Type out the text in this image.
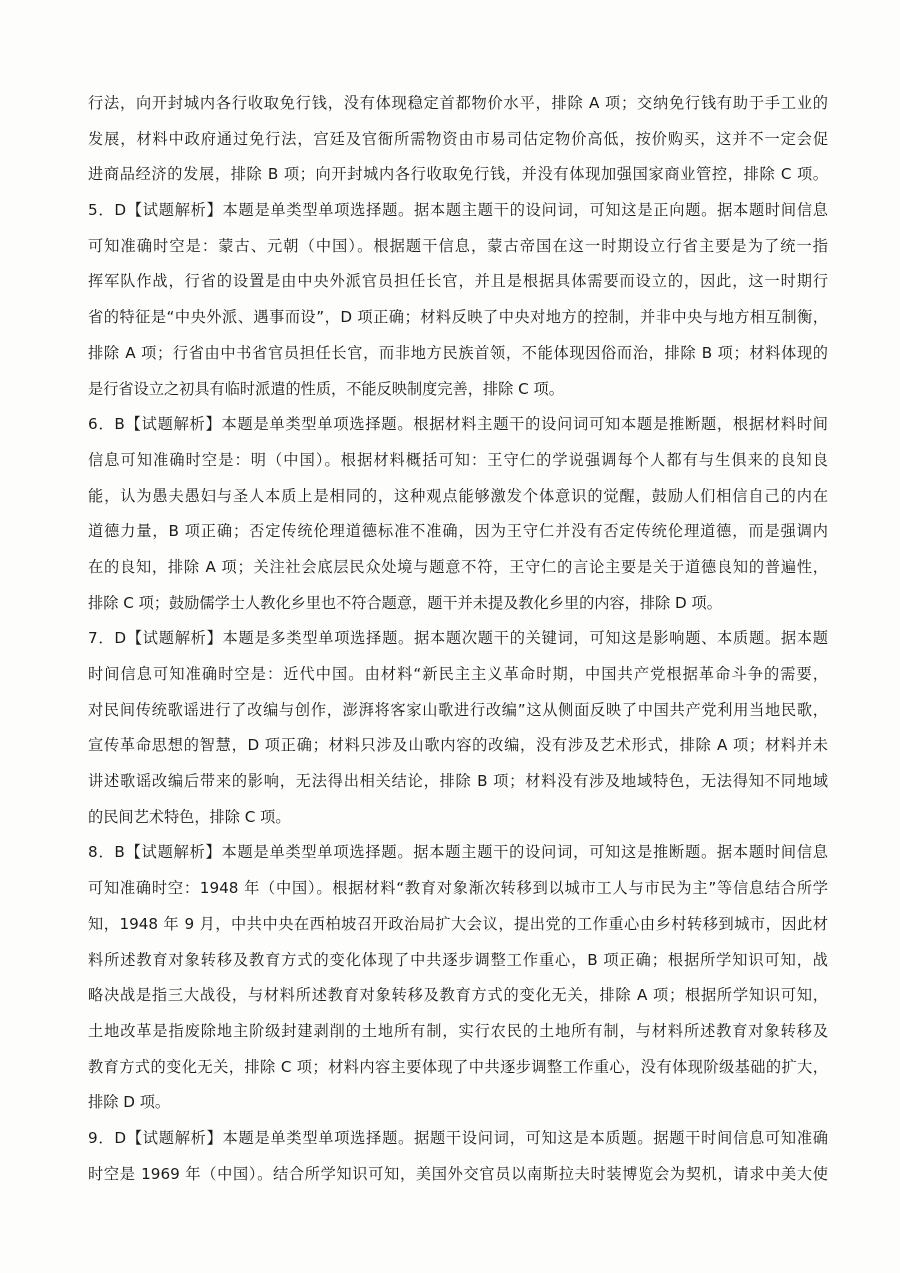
行法，向开封城内各行收取免行钱，没有体现稳定首都物价水平，排除 A 项；交纳免行钱有助于手工业的
发展，材料中政府通过免行法，宫廷及官衙所需物资由市易司估定物价高低，按价购买，这并不一定会促
进商品经济的发展，排除 B 项；向开封城内各行收取免行钱，并没有体现加强国家商业管控，排除 C 项。
5．D【试题解析】本题是单类型单项选择题。据本题主题干的设问词，可知这是正向题。据本题时间信息
可知准确时空是：蒙古、元朝（中国）。根据题干信息，蒙古帝国在这一时期设立行省主要是为了统一指
挥军队作战，行省的设置是由中央外派官员担任长官，并且是根据具体需要而设立的，因此，这一时期行
省的特征是“中央外派、遇事而设”，D 项正确；材料反映了中央对地方的控制，并非中央与地方相互制衡，
排除 A 项；行省由中书省官员担任长官，而非地方民族首领，不能体现因俗而治，排除 B 项；材料体现的
是行省设立之初具有临时派遣的性质，不能反映制度完善，排除 C 项。
6．B【试题解析】本题是单类型单项选择题。根据材料主题干的设问词可知本题是推断题，根据材料时间
信息可知准确时空是：明（中国）。根据材料概括可知：王守仁的学说强调每个人都有与生俱来的良知良
能，认为愚夫愚妇与圣人本质上是相同的，这种观点能够激发个体意识的觉醒，鼓励人们相信自己的内在
道德力量，B 项正确；否定传统伦理道德标准不准确，因为王守仁并没有否定传统伦理道德，而是强调内
在的良知，排除 A 项；关注社会底层民众处境与题意不符，王守仁的言论主要是关于道德良知的普遍性，
排除 C 项；鼓励儒学士人教化乡里也不符合题意，题干并未提及教化乡里的内容，排除 D 项。
7．D【试题解析】本题是多类型单项选择题。据本题次题干的关键词，可知这是影响题、本质题。据本题
时间信息可知准确时空是：近代中国。由材料“新民主主义革命时期，中国共产党根据革命斗争的需要，
对民间传统歌谣进行了改编与创作，澎湃将客家山歌进行改编”这从侧面反映了中国共产党利用当地民歌，
宣传革命思想的智慧，D 项正确；材料只涉及山歌内容的改编，没有涉及艺术形式，排除 A 项；材料并未
讲述歌谣改编后带来的影响，无法得出相关结论，排除 B 项；材料没有涉及地域特色，无法得知不同地域
的民间艺术特色，排除 C 项。
8．B【试题解析】本题是单类型单项选择题。据本题主题干的设问词，可知这是推断题。据本题时间信息
可知准确时空：1948 年（中国）。根据材料“教育对象渐次转移到以城市工人与市民为主”等信息结合所学
知，1948 年 9 月，中共中央在西柏坡召开政治局扩大会议，提出党的工作重心由乡村转移到城市，因此材
料所述教育对象转移及教育方式的变化体现了中共逐步调整工作重心，B 项正确；根据所学知识可知，战
略决战是指三大战役，与材料所述教育对象转移及教育方式的变化无关，排除 A 项；根据所学知识可知，
土地改革是指废除地主阶级封建剥削的土地所有制，实行农民的土地所有制，与材料所述教育对象转移及
教育方式的变化无关，排除 C 项；材料内容主要体现了中共逐步调整工作重心，没有体现阶级基础的扩大，
排除 D 项。
9．D【试题解析】本题是单类型单项选择题。据题干设问词，可知这是本质题。据题干时间信息可知准确
时空是 1969 年（中国）。结合所学知识可知，美国外交官员以南斯拉夫时装博览会为契机，请求中美大使
